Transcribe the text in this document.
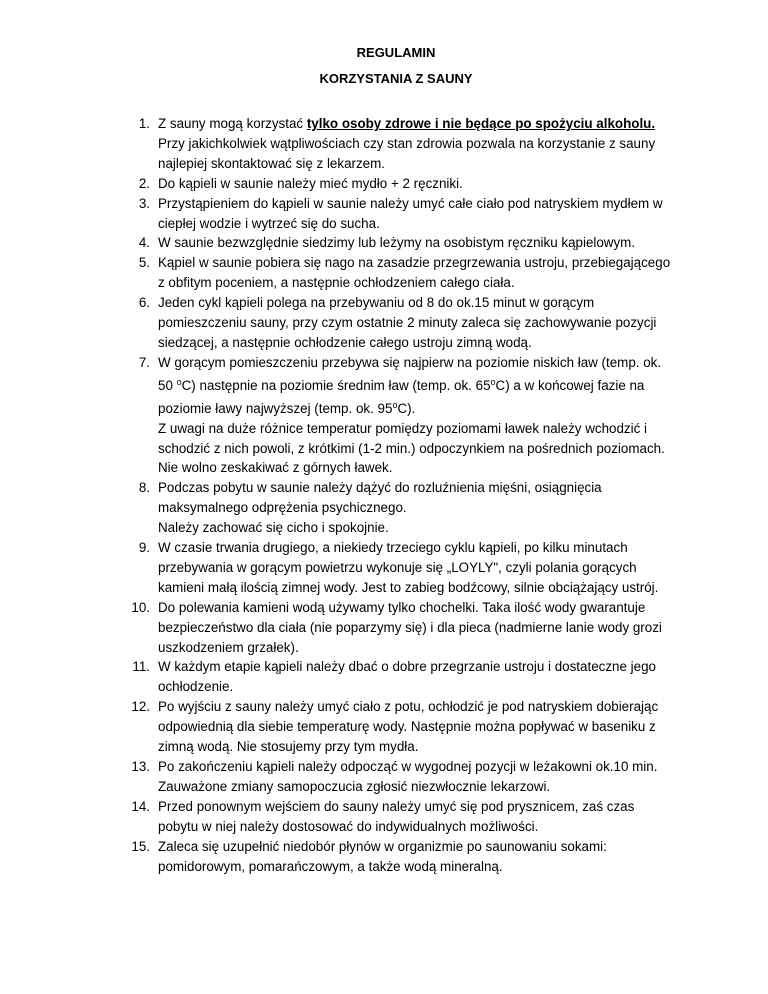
REGULAMIN

KORZYSTANIA Z SAUNY

1. Z sauny mogą korzystać tylko osoby zdrowe i nie będące po spożyciu alkoholu. Przy jakichkolwiek wątpliwościach czy stan zdrowia pozwala na korzystanie z sauny najlepiej skontaktować się z lekarzem.
2. Do kąpieli w saunie należy mieć mydło + 2 ręczniki.
3. Przystąpieniem do kąpieli w saunie należy umyć całe ciało pod natryskiem mydłem w ciepłej wodzie i wytrzeć się do sucha.
4. W saunie bezwzględnie siedzimy lub leżymy na osobistym ręczniku kąpielowym.
5. Kąpiel w saunie pobiera się nago na zasadzie przegrzewania ustroju, przebiegającego z obfitym poceniem, a następnie ochłodzeniem całego ciała.
6. Jeden cykl kąpieli polega na przebywaniu od 8 do ok.15 minut w gorącym pomieszczeniu sauny, przy czym ostatnie 2 minuty zaleca się zachowywanie pozycji siedzącej, a następnie ochłodzenie całego ustroju zimną wodą.
7. W gorącym pomieszczeniu przebywa się najpierw na poziomie niskich ław (temp. ok. 50 $^o$C) następnie na poziomie średnim ław (temp. ok. 65$^o$C) a w końcowej fazie na poziomie ławy najwyższej (temp. ok. 95$^o$C).
Z uwagi na duże różnice temperatur pomiędzy poziomami ławek należy wchodzić i schodzić z nich powoli, z krótkimi (1-2 min.) odpoczynkiem na pośrednich poziomach. Nie wolno zeskakiwać z górnych ławek.
8. Podczas pobytu w saunie należy dążyć do rozluźnienia mięśni, osiągnięcia maksymalnego odprężenia psychicznego.
Należy zachować się cicho i spokojnie.
9. W czasie trwania drugiego, a niekiedy trzeciego cyklu kąpieli, po kilku minutach przebywania w gorącym powietrzu wykonuje się „LOYLY", czyli polania gorących kamieni małą ilością zimnej wody. Jest to zabieg bodźcowy, silnie obciążający ustrój.
10. Do polewania kamieni wodą używamy tylko chochelki. Taka ilość wody gwarantuje bezpieczeństwo dla ciała (nie poparzymy się) i dla pieca (nadmierne lanie wody grozi uszkodzeniem grzałek).
11. W każdym etapie kąpieli należy dbać o dobre przegrzanie ustroju i dostateczne jego ochłodzenie.
12. Po wyjściu z sauny należy umyć ciało z potu, ochłodzić je pod natryskiem dobierając odpowiednią dla siebie temperaturę wody. Następnie można popływać w baseniku z zimną wodą. Nie stosujemy przy tym mydła.
13. Po zakończeniu kąpieli należy odpocząć w wygodnej pozycji w leżakowni ok.10 min. Zauważone zmiany samopoczucia zgłosić niezwłocznie lekarzowi.
14. Przed ponownym wejściem do sauny należy umyć się pod prysznicem, zaś czas pobytu w niej należy dostosować do indywidualnych możliwości.
15. Zaleca się uzupełnić niedobór płynów w organizmie po saunowaniu sokami: pomidorowym, pomarańczowym, a także wodą mineralną.
